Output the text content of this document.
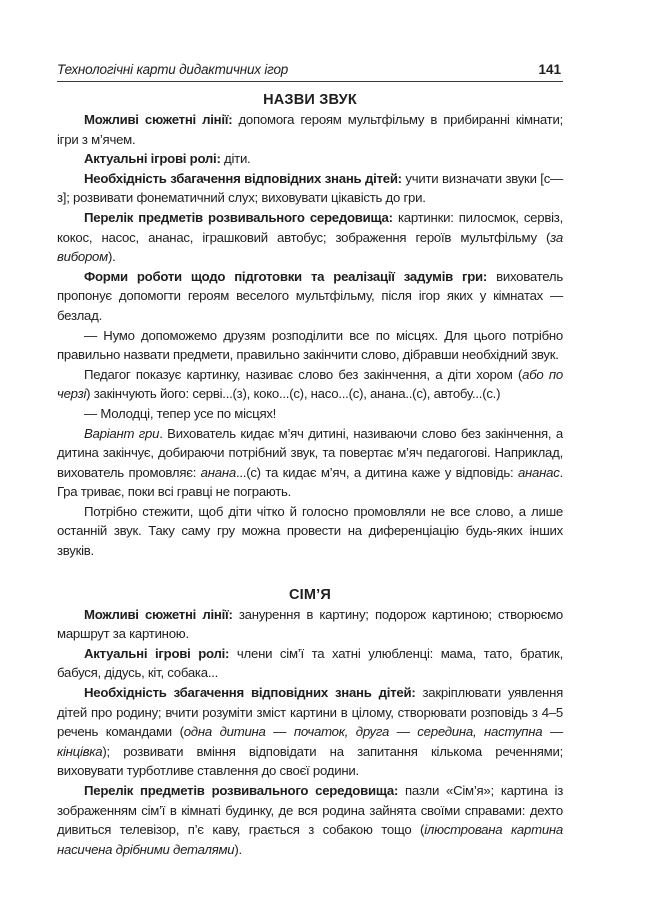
Технологічні карти дидактичних ігор	141
НАЗВИ ЗВУК

Можливі сюжетні лінії: допомога героям мультфільму в прибиранні кімнати; ігри з м’ячем.

Актуальні ігрові ролі: діти.

Необхідність збагачення відповідних знань дітей: учити визначати звуки [с—з]; розвивати фонематичний слух; виховувати цікавість до гри.

Перелік предметів розвивального середовища: картинки: пилосмок, сервіз, кокос, насос, ананас, іграшковий автобус; зображення героїв мультфільму (за вибором).

Форми роботи щодо підготовки та реалізації задумів гри: вихователь пропонує допомогти героям веселого мультфільму, після ігор яких у кімнатах — безлад.

— Нумо допоможемо друзям розподілити все по місцях. Для цього потрібно правильно назвати предмети, правильно закінчити слово, дібравши необхідний звук.

Педагог показує картинку, називає слово без закінчення, а діти хором (або по черзі) закінчують його: серві...(з), коко...(с), насо...(с), анана..(с), автобу...(с.)

— Молодці, тепер усе по місцях!

Варіант гри. Вихователь кидає м’яч дитині, називаючи слово без закінчення, а дитина закінчує, добираючи потрібний звук, та повертає м’яч педагогові. Наприклад, вихователь промовляє: анана...(с) та кидає м’яч, а дитина каже у відповідь: ананас. Гра триває, поки всі гравці не пограють.

Потрібно стежити, щоб діти чітко й голосно промовляли не все слово, а лише останній звук. Таку саму гру можна провести на диференціацію будь-яких інших звуків.

СІМ’Я

Можливі сюжетні лінії: занурення в картину; подорож картиною; створюємо маршрут за картиною.

Актуальні ігрові ролі: члени сім’ї та хатні улюбленці: мама, тато, братик, бабуся, дідусь, кіт, собака...

Необхідність збагачення відповідних знань дітей: закріплювати уявлення дітей про родину; вчити розуміти зміст картини в цілому, створювати розповідь з 4–5 речень командами (одна дитина — початок, друга — середина, наступна — кінцівка); розвивати вміння відповідати на запитання кількома реченнями; виховувати турботливе ставлення до своєї родини.

Перелік предметів розвивального середовища: пазли «Сім’я»; картина із зображенням сім’ї в кімнаті будинку, де вся родина зайнята своїми справами: дехто дивиться телевізор, п’є каву, грається з собакою тощо (ілюстрована картина насичена дрібними деталями).
